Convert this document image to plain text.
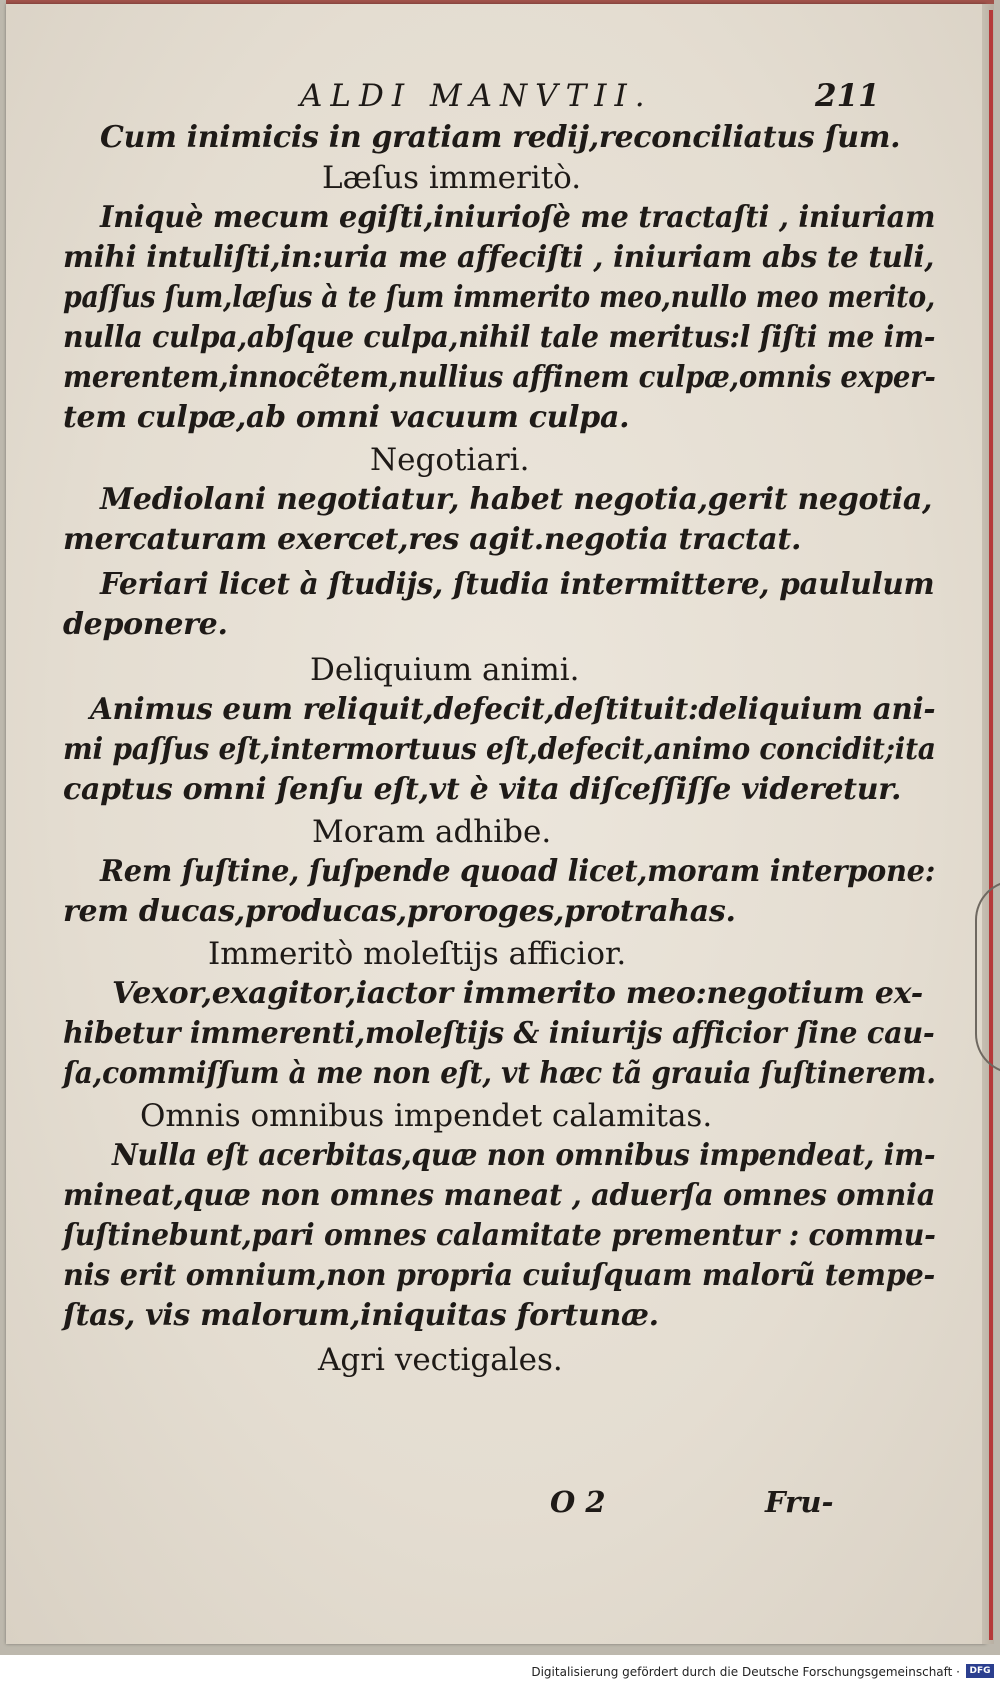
ALDI MANVTII.	211
Cum inimicis in gratiam redij,reconciliatus ſum.
Læſus immeritò.
Iniquè mecum egiſti,iniurioſè me tractaſti , iniuriam
mihi intuliſti,in:uria me affeciſti , iniuriam abs te tuli,
paſſus ſum,læſus à te ſum immerito meo,nullo meo merito,
nulla culpa,abſque culpa,nihil tale meritus:l ſiſti me im-
merentem,innocẽtem,nullius affinem culpæ,omnis exper-
tem culpæ,ab omni vacuum culpa.
Negotiari.
Mediolani negotiatur, habet negotia,gerit negotia,
mercaturam exercet,res agit.negotia tractat.
Feriari licet à ſtudijs, ſtudia intermittere, paululum
deponere.
Deliquium animi.
Animus eum reliquit,defecit,deſtituit:deliquium ani-
mi paſſus eſt,intermortuus eſt,defecit,animo concidit;ita
captus omni ſenſu eſt,vt è vita diſceſſiſſe videretur.
Moram adhibe.
Rem ſuſtine, ſuſpende quoad licet,moram interpone:
rem ducas,producas,proroges,protrahas.
Immeritò moleſtijs afficior.
Vexor,exagitor,iactor immerito meo:negotium ex-
hibetur immerenti,moleſtijs & iniurijs afficior ſine cau-
ſa,commiſſum à me non eſt, vt hæc tã grauia ſuſtinerem.
Omnis omnibus impendet calamitas.
Nulla eſt acerbitas,quæ non omnibus impendeat, im-
mineat,quæ non omnes maneat , aduerſa omnes omnia
ſuſtinebunt,pari omnes calamitate prementur : commu-
nis erit omnium,non propria cuiuſquam malorũ tempe-
ſtas, vis malorum,iniquitas fortunæ.
Agri vectigales.
O 2	Fru-
Digitalisierung gefördert durch die Deutsche Forschungsgemeinschaft ·	DFG
